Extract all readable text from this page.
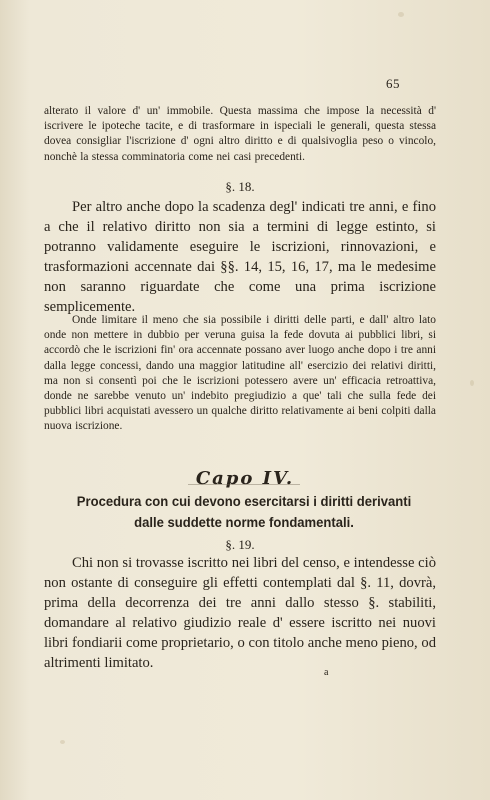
65

alterato il valore d' un' immobile. Questa massima che impose la necessità d' iscrivere le ipoteche tacite, e di trasformare in ispeciali le generali, questa stessa dovea consigliar l'iscrizione d' ogni altro diritto e di qualsivoglia peso o vincolo, nonchè la stessa comminatoria come nei casi precedenti.

§. 18.

Per altro anche dopo la scadenza degl' indicati tre anni, e fino a che il relativo diritto non sia a termini di legge estinto, si potranno validamente eseguire le iscrizioni, rinnovazioni, e trasformazioni accennate dai §§. 14, 15, 16, 17, ma le medesime non saranno riguardate che come una prima iscrizione semplicemente.

Onde limitare il meno che sia possibile i diritti delle parti, e dall' altro lato onde non mettere in dubbio per veruna guisa la fede dovuta ai pubblici libri, si accordò che le iscrizioni fin' ora accennate possano aver luogo anche dopo i tre anni dalla legge concessi, dando una maggior latitudine all' esercizio dei relativi diritti, ma non si consentì poi che le iscrizioni potessero avere un' efficacia retroattiva, donde ne sarebbe venuto un' indebito pregiudizio a que' tali che sulla fede dei pubblici libri acquistati avessero un qualche diritto relativamente ai beni colpiti dalla nuova iscrizione.

Capo IV.
Procedura con cui devono esercitarsi i diritti derivanti
dalle suddette norme fondamentali.

§. 19.

Chi non si trovasse iscritto nei libri del censo, e intendesse ciò non ostante di conseguire gli effetti contemplati dal §. 11, dovrà, prima della decorrenza dei tre anni dallo stesso §. stabiliti, domandare al relativo giudizio reale d' essere iscritto nei nuovi libri fondiarii come proprietario, o con titolo anche meno pieno, od altrimenti limitato.

a
